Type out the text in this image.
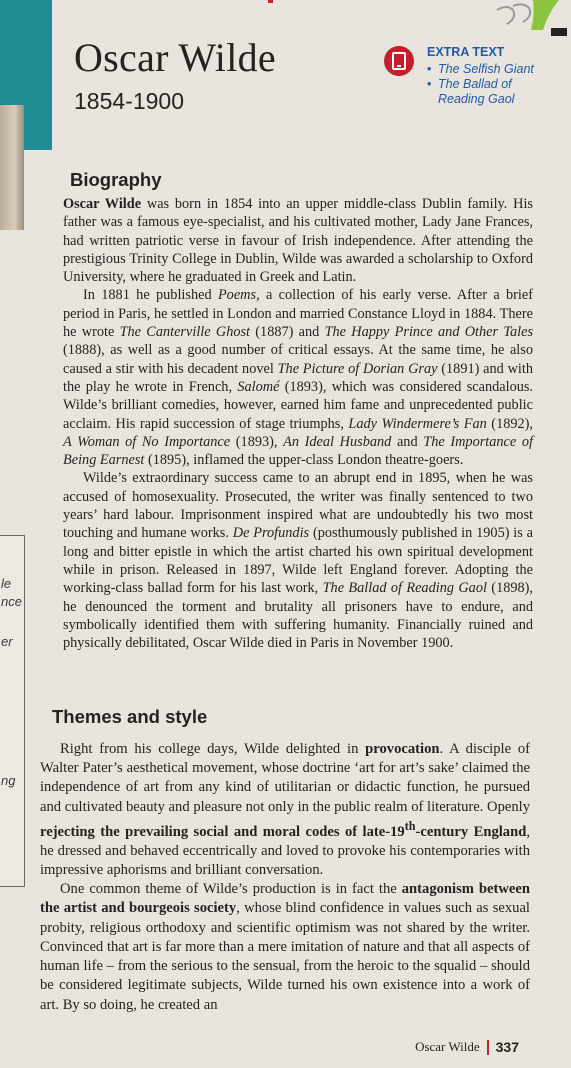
le
nce
er
ng
Oscar Wilde
1854-1900
EXTRA TEXT
• The Selfish Giant
• The Ballad of Reading Gaol
Biography

Oscar Wilde was born in 1854 into an upper middle-class Dublin family. His father was a famous eye-specialist, and his cultivated mother, Lady Jane Frances, had written patriotic verse in favour of Irish independence. After attending the prestigious Trinity College in Dublin, Wilde was awarded a scholarship to Oxford University, where he graduated in Greek and Latin.

In 1881 he published Poems, a collection of his early verse. After a brief period in Paris, he settled in London and married Constance Lloyd in 1884. There he wrote The Canterville Ghost (1887) and The Happy Prince and Other Tales (1888), as well as a good number of critical essays. At the same time, he also caused a stir with his decadent novel The Picture of Dorian Gray (1891) and with the play he wrote in French, Salomé (1893), which was considered scandalous. Wilde’s brilliant comedies, however, earned him fame and unprecedented public acclaim. His rapid succession of stage triumphs, Lady Windermere’s Fan (1892), A Woman of No Importance (1893), An Ideal Husband and The Importance of Being Earnest (1895), inflamed the upper-class London theatre-goers.

Wilde’s extraordinary success came to an abrupt end in 1895, when he was accused of homosexuality. Prosecuted, the writer was finally sentenced to two years’ hard labour. Imprisonment inspired what are undoubtedly his two most touching and humane works. De Profundis (posthumously published in 1905) is a long and bitter epistle in which the artist charted his own spiritual development while in prison. Released in 1897, Wilde left England forever. Adopting the working-class ballad form for his last work, The Ballad of Reading Gaol (1898), he denounced the torment and brutality all prisoners have to endure, and symbolically identified them with suffering humanity. Financially ruined and physically debilitated, Oscar Wilde died in Paris in November 1900.

Themes and style

Right from his college days, Wilde delighted in provocation. A disciple of Walter Pater’s aesthetical movement, whose doctrine ‘art for art’s sake’ claimed the independence of art from any kind of utilitarian or didactic function, he pursued and cultivated beauty and pleasure not only in the public realm of literature. Openly rejecting the prevailing social and moral codes of late-19th-century England, he dressed and behaved eccentrically and loved to provoke his contemporaries with impressive aphorisms and brilliant conversation.

One common theme of Wilde’s production is in fact the antagonism between the artist and bourgeois society, whose blind confidence in values such as sexual probity, religious orthodoxy and scientific optimism was not shared by the writer. Convinced that art is far more than a mere imitation of nature and that all aspects of human life – from the serious to the sensual, from the heroic to the squalid – should be considered legitimate subjects, Wilde turned his own existence into a work of art. By so doing, he created an

Oscar Wilde 337
